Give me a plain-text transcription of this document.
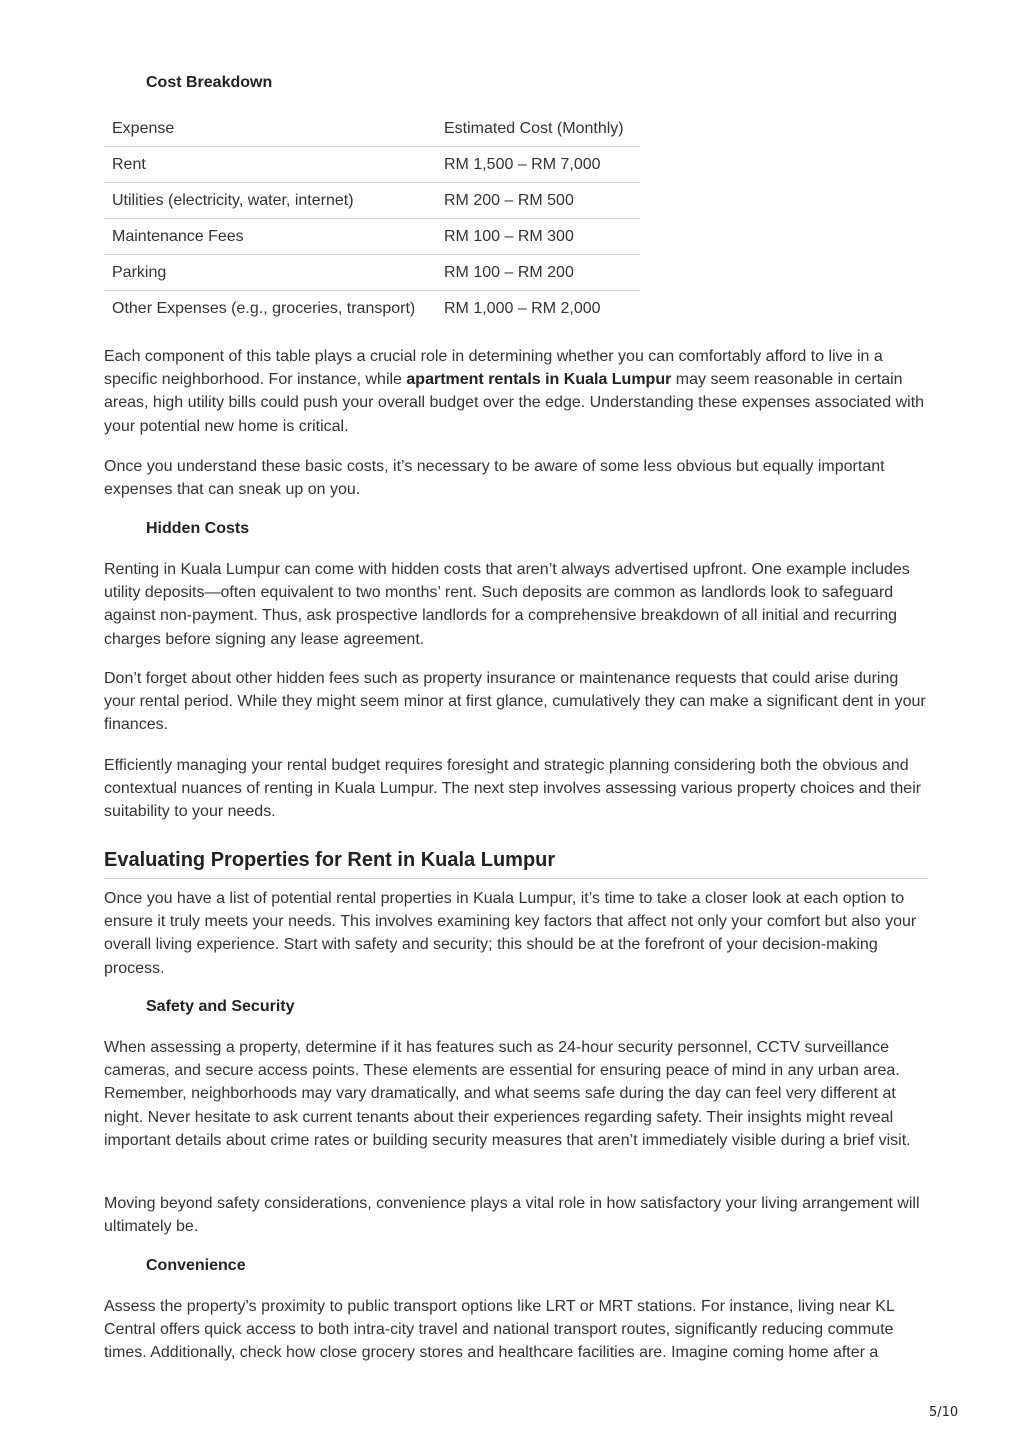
Cost Breakdown
Expense	Estimated Cost (Monthly)
Rent	RM 1,500 – RM 7,000
Utilities (electricity, water, internet)	RM 200 – RM 500
Maintenance Fees	RM 100 – RM 300
Parking	RM 100 – RM 200
Other Expenses (e.g., groceries, transport)	RM 1,000 – RM 2,000

Each component of this table plays a crucial role in determining whether you can comfortably afford to live in a specific neighborhood. For instance, while apartment rentals in Kuala Lumpur may seem reasonable in certain areas, high utility bills could push your overall budget over the edge. Understanding these expenses associated with your potential new home is critical.

Once you understand these basic costs, it’s necessary to be aware of some less obvious but equally important expenses that can sneak up on you.

Hidden Costs

Renting in Kuala Lumpur can come with hidden costs that aren’t always advertised upfront. One example includes utility deposits—often equivalent to two months’ rent. Such deposits are common as landlords look to safeguard against non-payment. Thus, ask prospective landlords for a comprehensive breakdown of all initial and recurring charges before signing any lease agreement.

Don’t forget about other hidden fees such as property insurance or maintenance requests that could arise during your rental period. While they might seem minor at first glance, cumulatively they can make a significant dent in your finances.

Efficiently managing your rental budget requires foresight and strategic planning considering both the obvious and contextual nuances of renting in Kuala Lumpur. The next step involves assessing various property choices and their suitability to your needs.

Evaluating Properties for Rent in Kuala Lumpur

Once you have a list of potential rental properties in Kuala Lumpur, it’s time to take a closer look at each option to ensure it truly meets your needs. This involves examining key factors that affect not only your comfort but also your overall living experience. Start with safety and security; this should be at the forefront of your decision-making process.

Safety and Security

When assessing a property, determine if it has features such as 24-hour security personnel, CCTV surveillance cameras, and secure access points. These elements are essential for ensuring peace of mind in any urban area. Remember, neighborhoods may vary dramatically, and what seems safe during the day can feel very different at night. Never hesitate to ask current tenants about their experiences regarding safety. Their insights might reveal important details about crime rates or building security measures that aren’t immediately visible during a brief visit.

Moving beyond safety considerations, convenience plays a vital role in how satisfactory your living arrangement will ultimately be.

Convenience

Assess the property’s proximity to public transport options like LRT or MRT stations. For instance, living near KL Central offers quick access to both intra-city travel and national transport routes, significantly reducing commute times. Additionally, check how close grocery stores and healthcare facilities are. Imagine coming home after a

5/10
